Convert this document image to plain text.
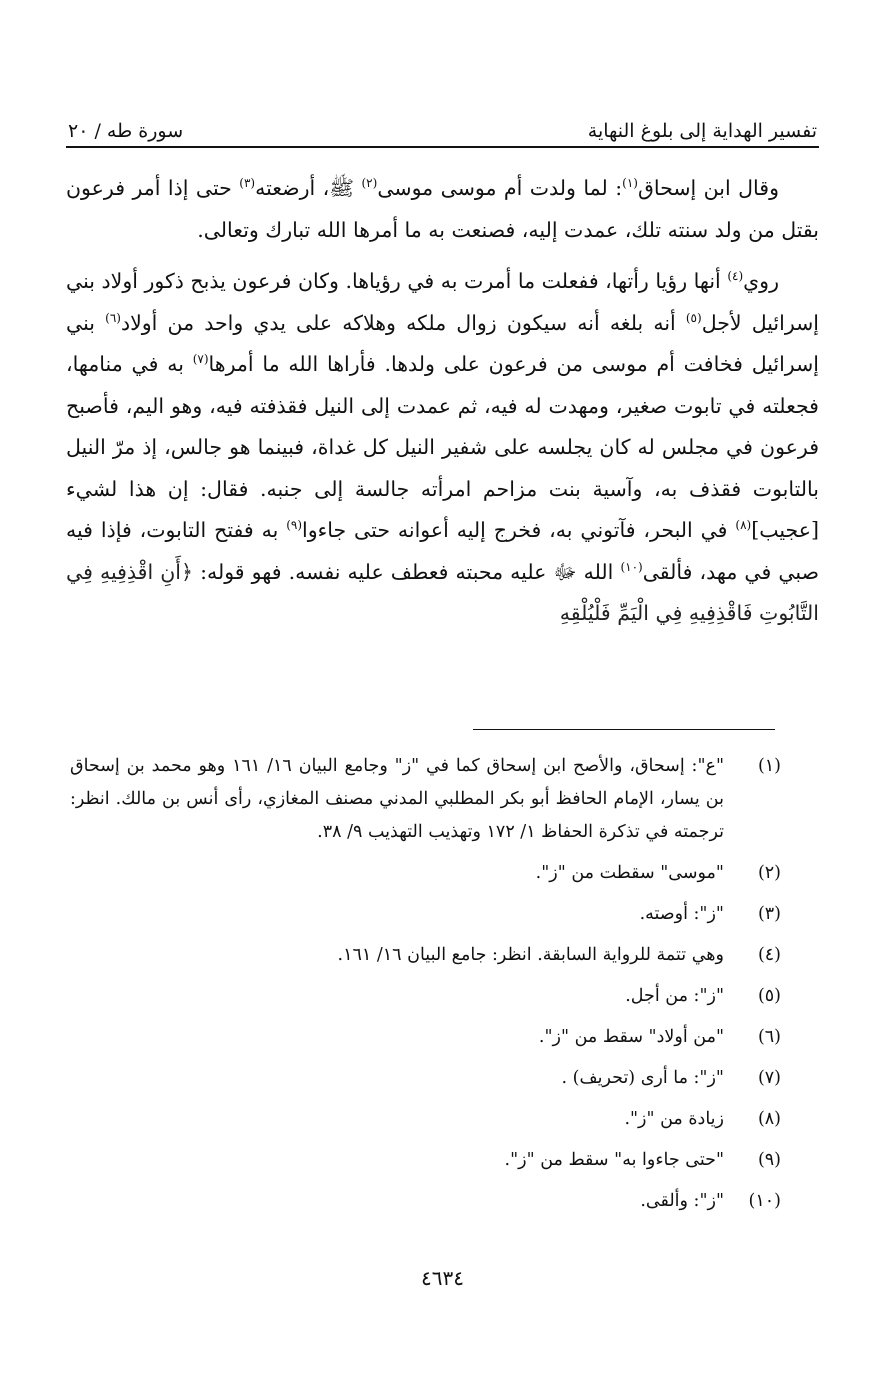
تفسير الهداية إلى بلوغ النهاية
سورة طه / ٢٠

وقال ابن إسحاق$^{(١)}$: لما ولدت أم موسى موسى$^{(٢)}$ ﷺ، أرضعته$^{(٣)}$ حتى إذا أمر فرعون بقتل من ولد سنته تلك، عمدت إليه، فصنعت به ما أمرها الله تبارك وتعالى.

روي$^{(٤)}$ أنها رؤيا رأتها، ففعلت ما أمرت به في رؤياها. وكان فرعون يذبح ذكور أولاد بني إسرائيل لأجل$^{(٥)}$ أنه بلغه أنه سيكون زوال ملكه وهلاكه على يدي واحد من أولاد$^{(٦)}$ بني إسرائيل فخافت أم موسى من فرعون على ولدها. فأراها الله ما أمرها$^{(٧)}$ به في منامها، فجعلته في تابوت صغير، ومهدت له فيه، ثم عمدت إلى النيل فقذفته فيه، وهو اليم، فأصبح فرعون في مجلس له كان يجلسه على شفير النيل كل غداة، فبينما هو جالس، إذ مرّ النيل بالتابوت فقذف به، وآسية بنت مزاحم امرأته جالسة إلى جنبه. فقال: إن هذا لشيء [عجيب]$^{(٨)}$ في البحر، فآتوني به، فخرج إليه أعوانه حتى جاءوا$^{(٩)}$ به ففتح التابوت، فإذا فيه صبي في مهد، فألقى$^{(١٠)}$ الله ﷻ عليه محبته فعطف عليه نفسه. فهو قوله: ﴿أَنِ اقْذِفِيهِ فِي التَّابُوتِ فَاقْذِفِيهِ فِي الْيَمِّ فَلْيُلْقِهِ

(١)
"ع": إسحاق، والأصح ابن إسحاق كما في "ز" وجامع البيان ١٦/ ١٦١ وهو محمد بن إسحاق بن يسار، الإمام الحافظ أبو بكر المطلبي المدني مصنف المغازي، رأى أنس بن مالك. انظر: ترجمته في تذكرة الحفاظ ١/ ١٧٢ وتهذيب التهذيب ٩/ ٣٨.
(٢)
"موسى" سقطت من "ز".
(٣)
"ز": أوصته.
(٤)
وهي تتمة للرواية السابقة. انظر: جامع البيان ١٦/ ١٦١.
(٥)
"ز": من أجل.
(٦)
"من أولاد" سقط من "ز".
(٧)
"ز": ما أرى (تحريف) .
(٨)
زيادة من "ز".
(٩)
"حتى جاءوا به" سقط من "ز".
(١٠)
"ز": وألقى.
٤٦٣٤
